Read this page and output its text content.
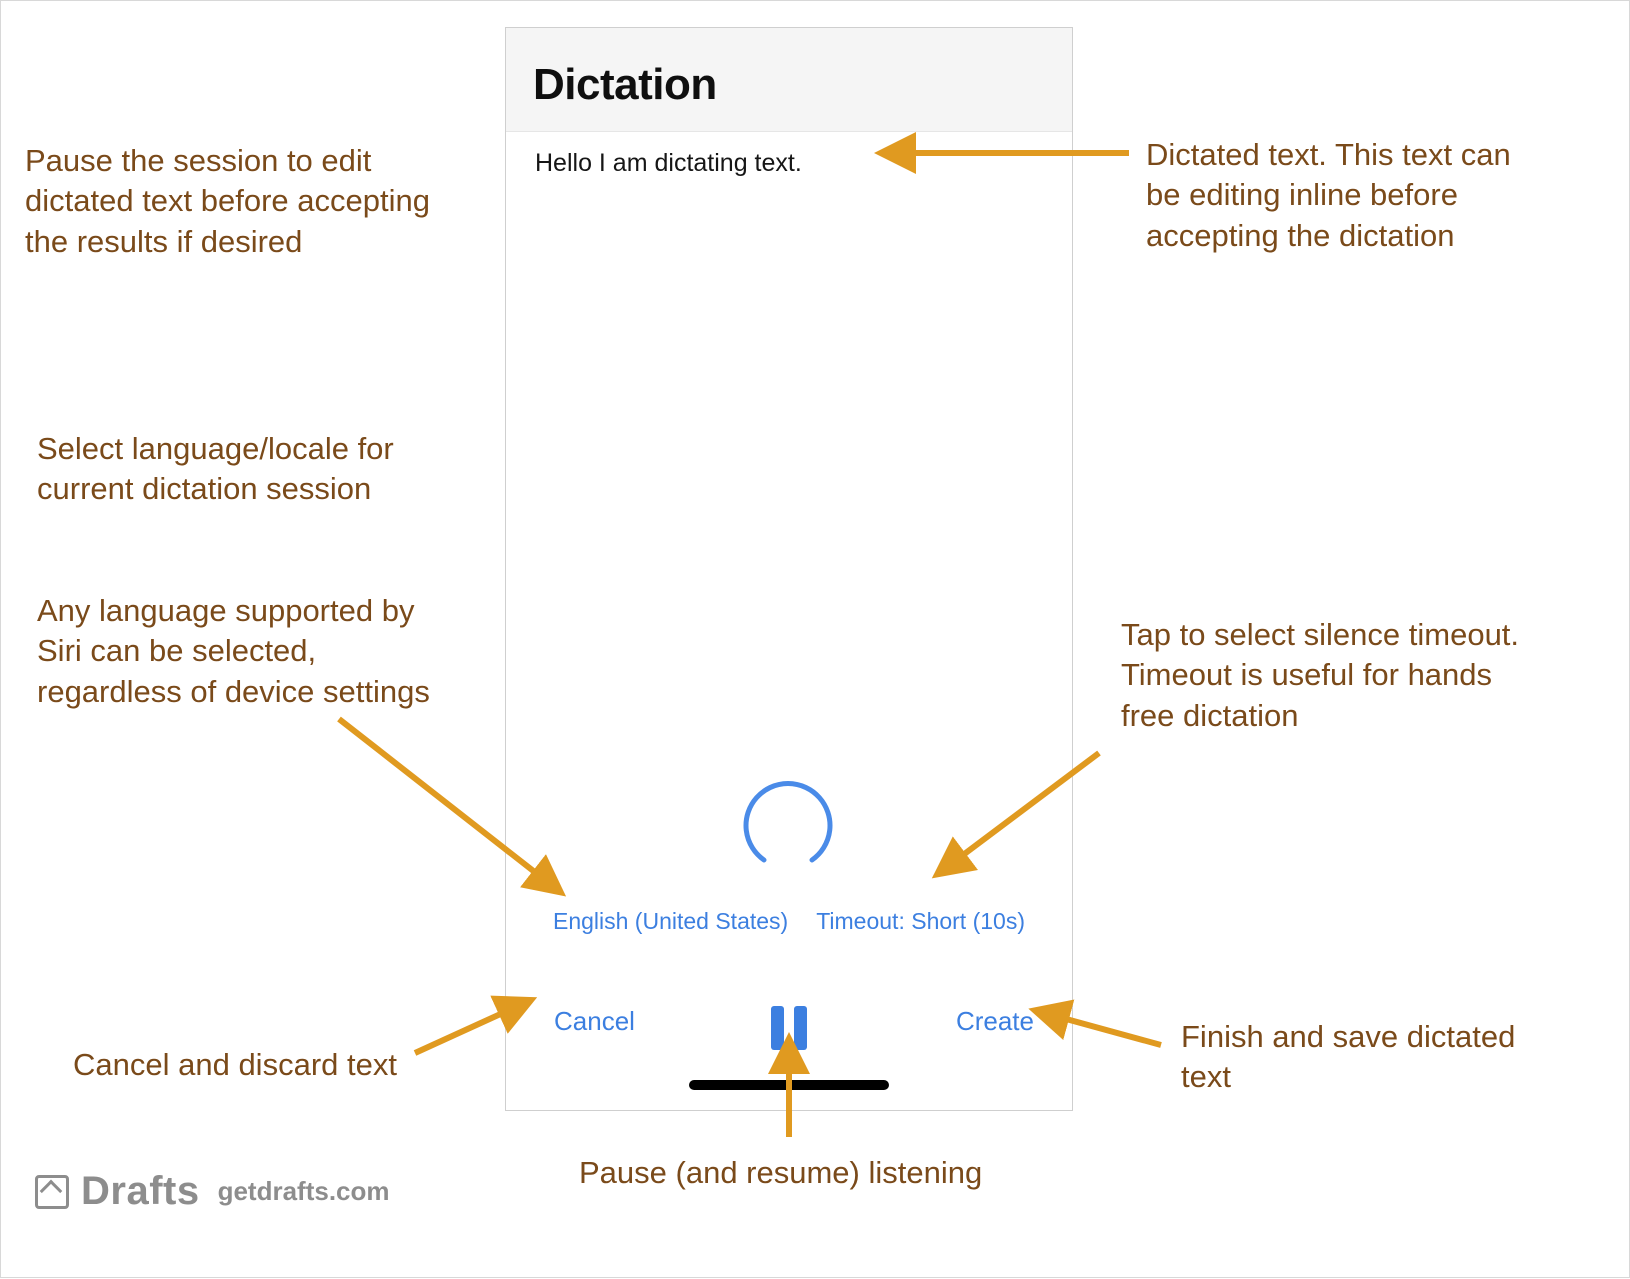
Dictation
Hello I am dictating text.
English (United States) Timeout: Short (10s)
Cancel	Create
Pause the session to edit dictated text before accepting the results if desired
Select language/locale for current dictation session
Any language supported by Siri can be selected, regardless of device settings
Cancel and discard text
Dictated text. This text can be editing inline before accepting the dictation
Tap to select silence timeout. Timeout is useful for hands free dictation
Finish and save dictated text
Pause (and resume) listening
Drafts getdrafts.com
